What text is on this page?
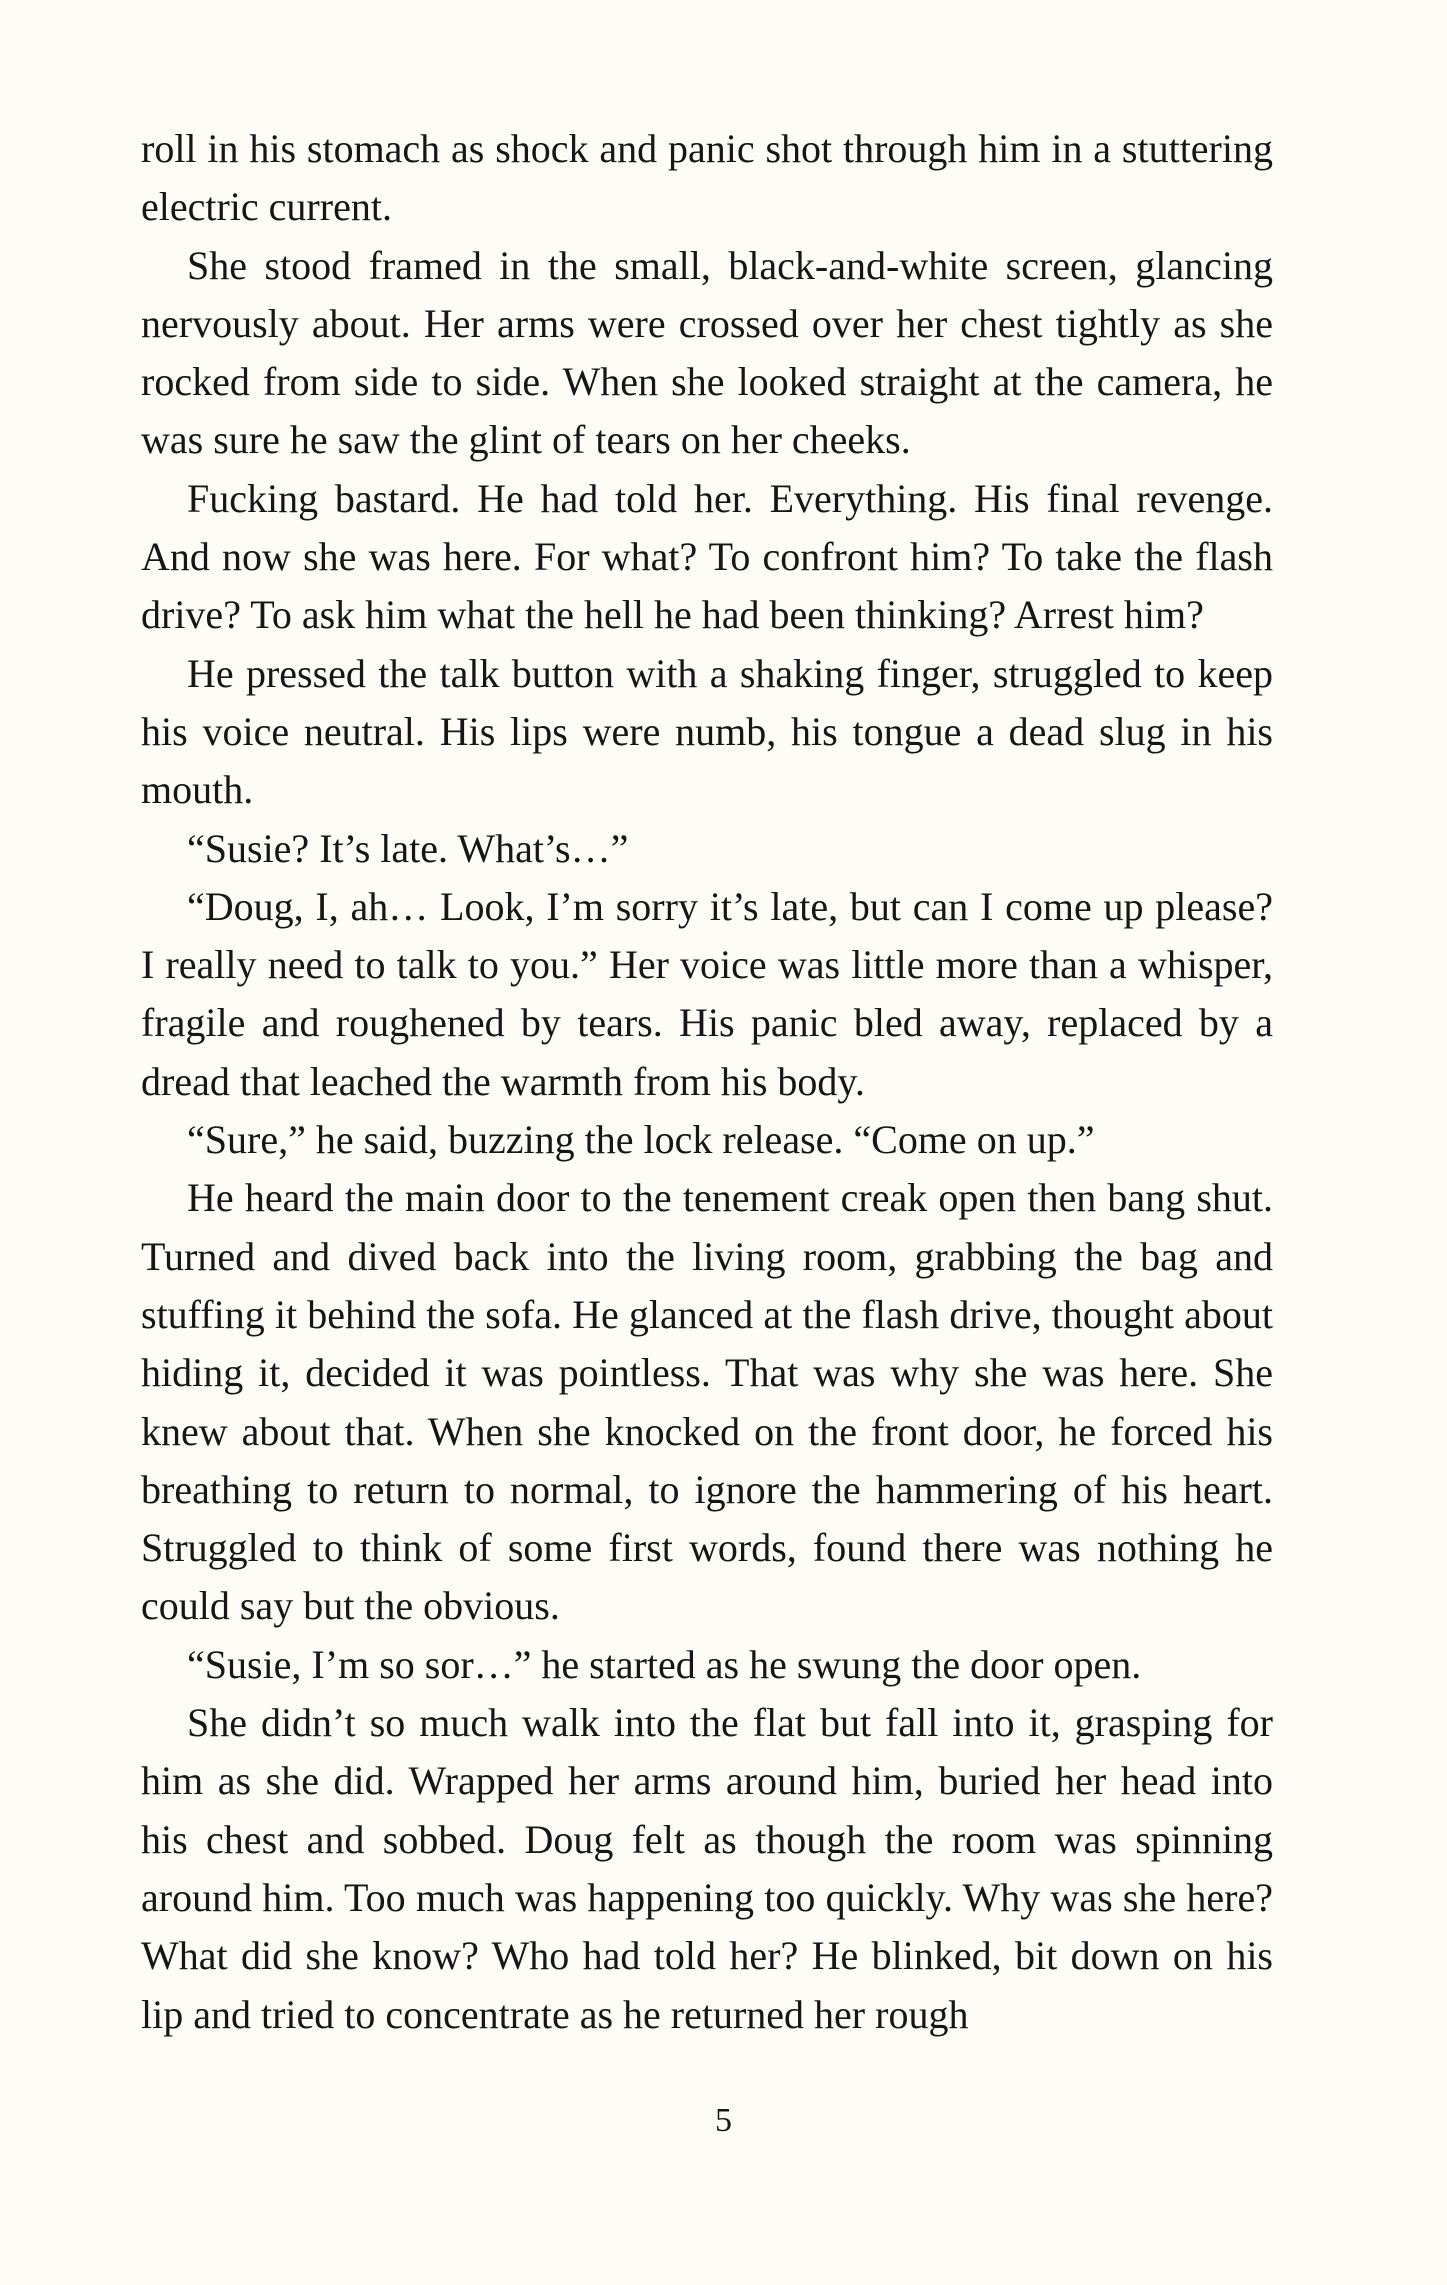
roll in his stomach as shock and panic shot through him in a stuttering electric current.

She stood framed in the small, black-and-white screen, glancing nervously about. Her arms were crossed over her chest tightly as she rocked from side to side. When she looked straight at the camera, he was sure he saw the glint of tears on her cheeks.

Fucking bastard. He had told her. Everything. His final revenge. And now she was here. For what? To confront him? To take the flash drive? To ask him what the hell he had been thinking? Arrest him?

He pressed the talk button with a shaking finger, struggled to keep his voice neutral. His lips were numb, his tongue a dead slug in his mouth.

“Susie? It’s late. What’s…”

“Doug, I, ah… Look, I’m sorry it’s late, but can I come up please? I really need to talk to you.” Her voice was little more than a whisper, fragile and roughened by tears. His panic bled away, replaced by a dread that leached the warmth from his body.

“Sure,” he said, buzzing the lock release. “Come on up.”

He heard the main door to the tenement creak open then bang shut. Turned and dived back into the living room, grabbing the bag and stuffing it behind the sofa. He glanced at the flash drive, thought about hiding it, decided it was pointless. That was why she was here. She knew about that. When she knocked on the front door, he forced his breathing to return to normal, to ignore the hammering of his heart. Struggled to think of some first words, found there was nothing he could say but the obvious.

“Susie, I’m so sor…” he started as he swung the door open.

She didn’t so much walk into the flat but fall into it, grasping for him as she did. Wrapped her arms around him, buried her head into his chest and sobbed. Doug felt as though the room was spinning around him. Too much was happening too quickly. Why was she here? What did she know? Who had told her? He blinked, bit down on his lip and tried to concentrate as he returned her rough

5
